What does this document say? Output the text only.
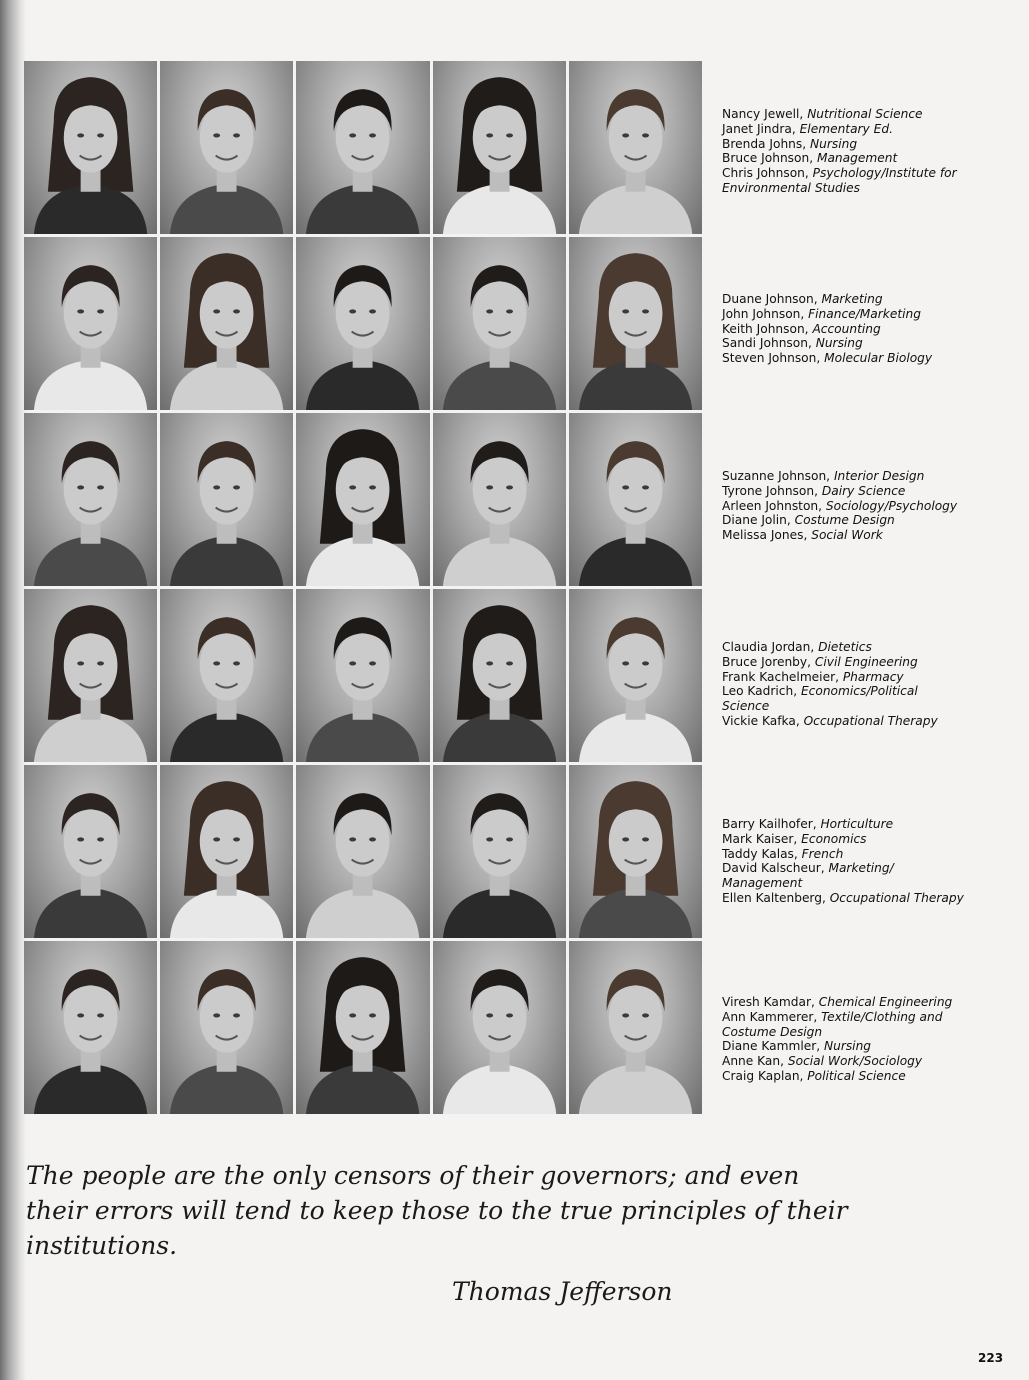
Nancy Jewell, Nutritional Science
Janet Jindra, Elementary Ed.
Brenda Johns, Nursing
Bruce Johnson, Management
Chris Johnson, Psychology/Institute for
Environmental Studies
Duane Johnson, Marketing
John Johnson, Finance/Marketing
Keith Johnson, Accounting
Sandi Johnson, Nursing
Steven Johnson, Molecular Biology
Suzanne Johnson, Interior Design
Tyrone Johnson, Dairy Science
Arleen Johnston, Sociology/Psychology
Diane Jolin, Costume Design
Melissa Jones, Social Work
Claudia Jordan, Dietetics
Bruce Jorenby, Civil Engineering
Frank Kachelmeier, Pharmacy
Leo Kadrich, Economics/Political
Science
Vickie Kafka, Occupational Therapy
Barry Kailhofer, Horticulture
Mark Kaiser, Economics
Taddy Kalas, French
David Kalscheur, Marketing/
Management
Ellen Kaltenberg, Occupational Therapy
Viresh Kamdar, Chemical Engineering
Ann Kammerer, Textile/Clothing and
Costume Design
Diane Kammler, Nursing
Anne Kan, Social Work/Sociology
Craig Kaplan, Political Science
The people are the only censors of their governors; and even
their errors will tend to keep those to the true principles of their
institutions.
Thomas Jefferson
223
